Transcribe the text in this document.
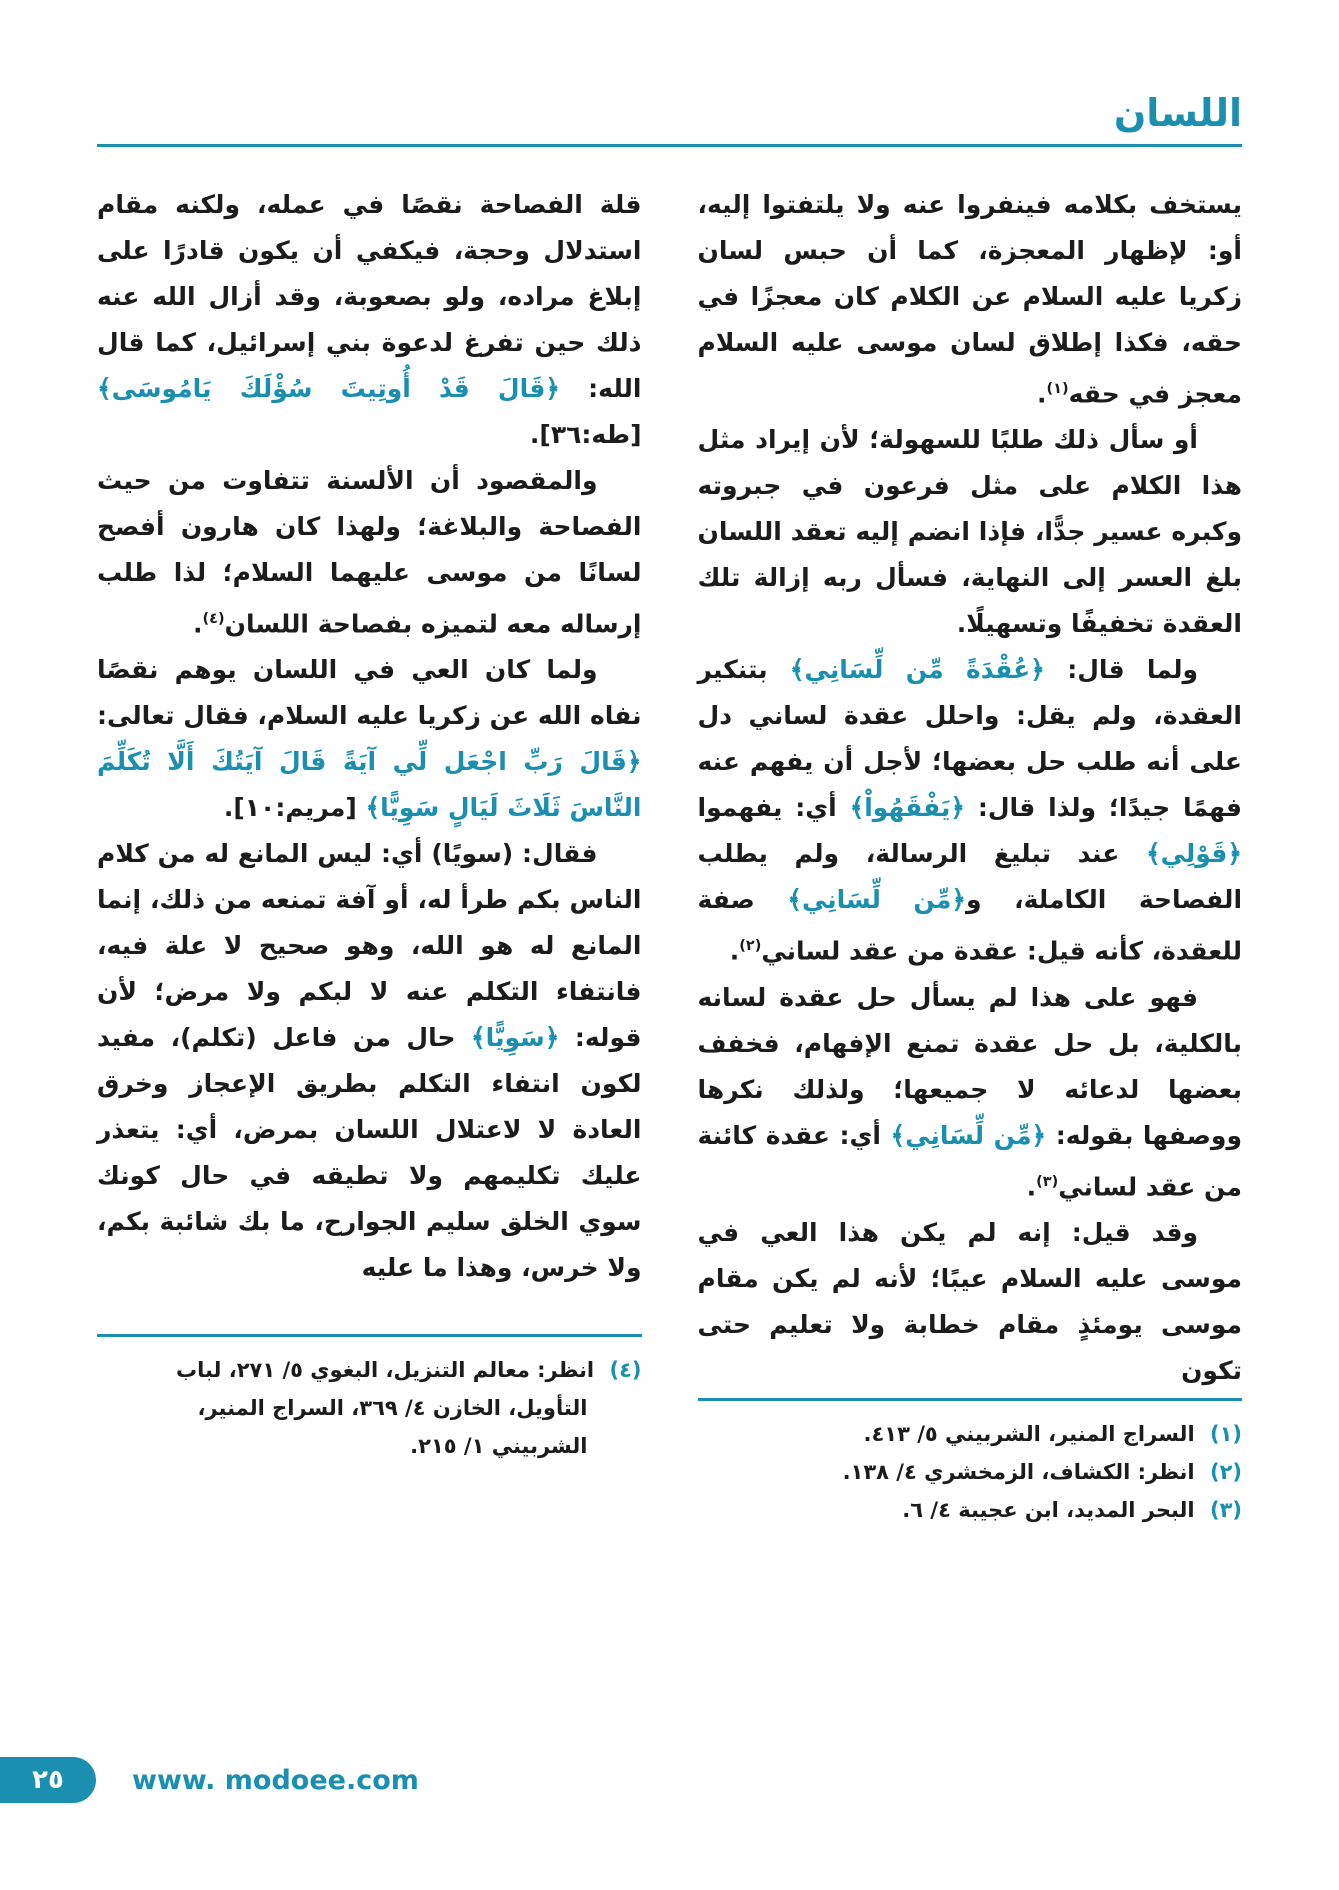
اللسان

يستخف بكلامه فينفروا عنه ولا يلتفتوا إليه، أو: لإظهار المعجزة، كما أن حبس لسان زكريا عليه السلام عن الكلام كان معجزًا في حقه، فكذا إطلاق لسان موسى عليه السلام معجز في حقه$^{(١)}$.

أو سأل ذلك طلبًا للسهولة؛ لأن إيراد مثل هذا الكلام على مثل فرعون في جبروته وكبره عسير جدًّا، فإذا انضم إليه تعقد اللسان بلغ العسر إلى النهاية، فسأل ربه إزالة تلك العقدة تخفيفًا وتسهيلًا.

ولما قال: ﴿عُقْدَةً مِّن لِّسَانِي﴾ بتنكير العقدة، ولم يقل: واحلل عقدة لساني دل على أنه طلب حل بعضها؛ لأجل أن يفهم عنه فهمًا جيدًا؛ ولذا قال: ﴿يَفْقَهُواْ﴾ أي: يفهموا ﴿قَوْلِي﴾ عند تبليغ الرسالة، ولم يطلب الفصاحة الكاملة، و﴿مِّن لِّسَانِي﴾ صفة للعقدة، كأنه قيل: عقدة من عقد لساني$^{(٢)}$.

فهو على هذا لم يسأل حل عقدة لسانه بالكلية، بل حل عقدة تمنع الإفهام، فخفف بعضها لدعائه لا جميعها؛ ولذلك نكرها ووصفها بقوله: ﴿مِّن لِّسَانِي﴾ أي: عقدة كائنة من عقد لساني$^{(٣)}$.

وقد قيل: إنه لم يكن هذا العي في موسى عليه السلام عيبًا؛ لأنه لم يكن مقام موسى يومئذٍ مقام خطابة ولا تعليم حتى تكون

(١) السراج المنير، الشربيني ٥/ ٤١٣.
(٢) انظر: الكشاف، الزمخشري ٤/ ١٣٨.
(٣) البحر المديد، ابن عجيبة ٤/ ٦.

قلة الفصاحة نقصًا في عمله، ولكنه مقام استدلال وحجة، فيكفي أن يكون قادرًا على إبلاغ مراده، ولو بصعوبة، وقد أزال الله عنه ذلك حين تفرغ لدعوة بني إسرائيل، كما قال الله: ﴿قَالَ قَدْ أُوتِيتَ سُؤْلَكَ يَامُوسَى﴾ [طه:٣٦].

والمقصود أن الألسنة تتفاوت من حيث الفصاحة والبلاغة؛ ولهذا كان هارون أفصح لسانًا من موسى عليهما السلام؛ لذا طلب إرساله معه لتميزه بفصاحة اللسان$^{(٤)}$.

ولما كان العي في اللسان يوهم نقصًا نفاه الله عن زكريا عليه السلام، فقال تعالى: ﴿قَالَ رَبِّ اجْعَل لِّي آيَةً قَالَ آيَتُكَ أَلَّا تُكَلِّمَ النَّاسَ ثَلَاثَ لَيَالٍ سَوِيًّا﴾ [مريم:١٠].

فقال: (سويًا) أي: ليس المانع له من كلام الناس بكم طرأ له، أو آفة تمنعه من ذلك، إنما المانع له هو الله، وهو صحيح لا علة فيه، فانتفاء التكلم عنه لا لبكم ولا مرض؛ لأن قوله: ﴿سَوِيًّا﴾ حال من فاعل (تكلم)، مفيد لكون انتفاء التكلم بطريق الإعجاز وخرق العادة لا لاعتلال اللسان بمرض، أي: يتعذر عليك تكليمهم ولا تطيقه في حال كونك سوي الخلق سليم الجوارح، ما بك شائبة بكم، ولا خرس، وهذا ما عليه

(٤) انظر: معالم التنزيل، البغوي ٥/ ٢٧١، لباب التأويل، الخازن ٤/ ٣٦٩، السراج المنير، الشربيني ١/ ٢١٥.
٢٥	www. modoee.com
